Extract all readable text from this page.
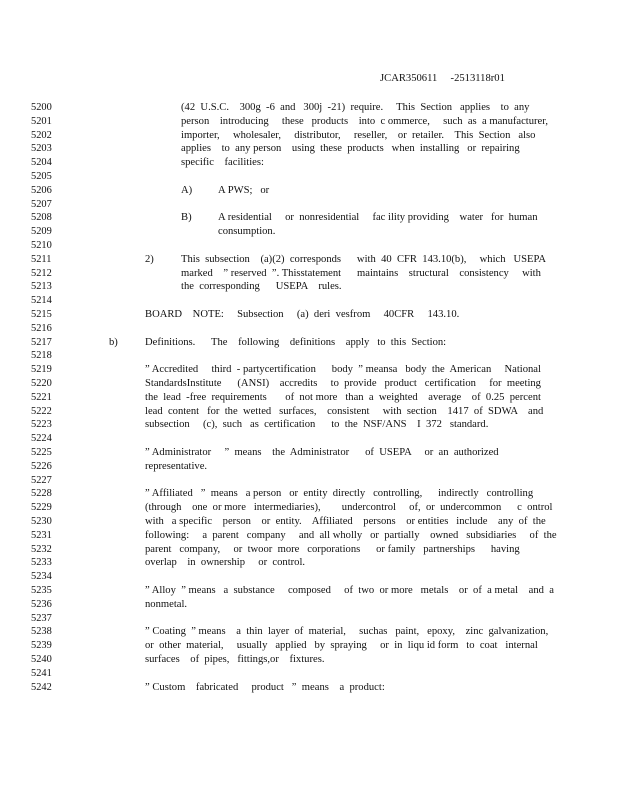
JCAR350611     -2513118r01
5200	(42  U.S.C.    300g  -6  and   300j  -21)  require.     This  Section   applies    to  any
5201	person    introducing     these   products    into  c ommerce,     such  as  a manufacturer,
5202	importer,     wholesaler,     distributor,     reseller,    or  retailer.    This  Section   also
5203	applies    to  any person    using  these  products   when  installing   or  repairing
5204	specific    facilities:
5205
5206	A) A PWS;   or
5207
5208	B) A residential     or  nonresidential     fac ility providing    water   for  human
5209	consumption.
5210
5211	2)	This  subsection    (a)(2)  corresponds      with  40  CFR  143.10(b),     which   USEPA
5212	marked    ” reserved  ”. Thisstatement      maintains    structural    consistency     with
5213	the  corresponding      USEPA    rules.
5214
5215	BOARD    NOTE:     Subsection     (a)  deri  vesfrom     40CFR     143.10.
5216
5217	b)	Definitions.      The    following    definitions    apply   to  this  Section:
5218
5219	” Accredited     third  - partycertification      body  ” meansa   body  the  American     National
5220	StandardsInstitute      (ANSI)    accredits     to  provide   product   certification     for  meeting
5221	the  lead  -free  requirements       of  not more   than  a  weighted    average    of  0.25  percent
5222	lead  content   for  the  wetted   surfaces,    consistent     with  section    1417  of  SDWA    and
5223	subsection     (c),  such   as  certification      to  the  NSF/ANS    I  372   standard.
5224
5225	” Administrator     ”  means    the  Administrator      of  USEPA     or  an  authorized
5226	representative.
5227
5228	” Affiliated   ”  means   a person   or  entity  directly   controlling,      indirectly   controlling
5229	(through    one  or more   intermediaries),        undercontrol     of,  or  undercommon      c  ontrol
5230	with   a specific    person    or  entity.    Affiliated    persons    or entities   include    any  of  the
5231	following:     a  parent   company     and  all wholly   or  partially    owned   subsidiaries     of  the
5232	parent   company,     or  twoor  more   corporations      or family   partnerships      having
5233	overlap    in  ownership     or  control.
5234
5235	” Alloy  ” means   a  substance     composed     of  two  or more   metals    or  of  a metal    and  a
5236	nonmetal.
5237
5238	” Coating  ” means    a  thin  layer  of  material,     suchas   paint,   epoxy,    zinc  galvanization,
5239	or  other  material,     usually   applied   by  spraying     or  in  liqu id form   to  coat   internal
5240	surfaces    of  pipes,   fittings,or    fixtures.
5241
5242	” Custom    fabricated     product   ”  means    a  product:
